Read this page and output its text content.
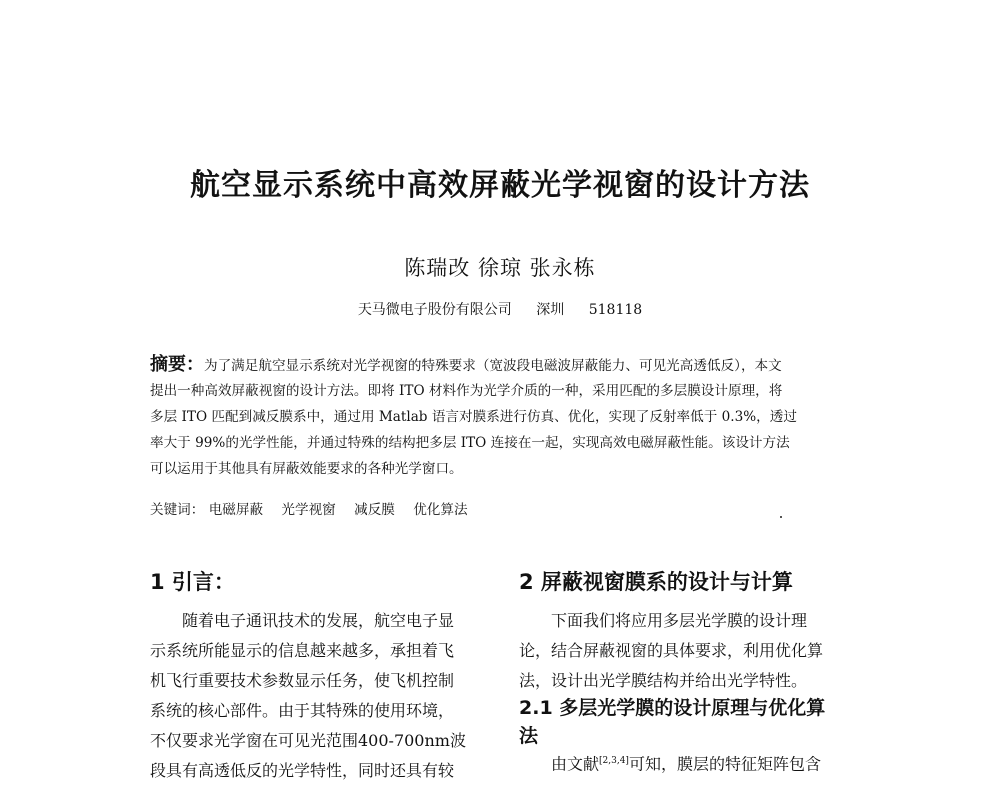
航空显示系统中高效屏蔽光学视窗的设计方法
陈瑞改 徐琼 张永栋
天马微电子股份有限公司 深圳 518118
摘要：为了满足航空显示系统对光学视窗的特殊要求（宽波段电磁波屏蔽能力、可见光高透低反），本文
提出一种高效屏蔽视窗的设计方法。即将 ITO 材料作为光学介质的一种，采用匹配的多层膜设计原理，将
多层 ITO 匹配到减反膜系中，通过用 Matlab 语言对膜系进行仿真、优化，实现了反射率低于 0.3%，透过
率大于 99%的光学性能，并通过特殊的结构把多层 ITO 连接在一起，实现高效电磁屏蔽性能。该设计方法
可以运用于其他具有屏蔽效能要求的各种光学窗口。
关键词： 电磁屏蔽 光学视窗 减反膜 优化算法
1 引言：
随着电子通讯技术的发展，航空电子显
示系统所能显示的信息越来越多，承担着飞
机飞行重要技术参数显示任务，使飞机控制
系统的核心部件。由于其特殊的使用环境，
不仅要求光学窗在可见光范围400-700nm波
段具有高透低反的光学特性，同时还具有较
2 屏蔽视窗膜系的设计与计算
下面我们将应用多层光学膜的设计理
论，结合屏蔽视窗的具体要求，利用优化算
法，设计出光学膜结构并给出光学特性。
2.1 多层光学膜的设计原理与优化算
法
由文献[2,3,4]可知，膜层的特征矩阵包含
